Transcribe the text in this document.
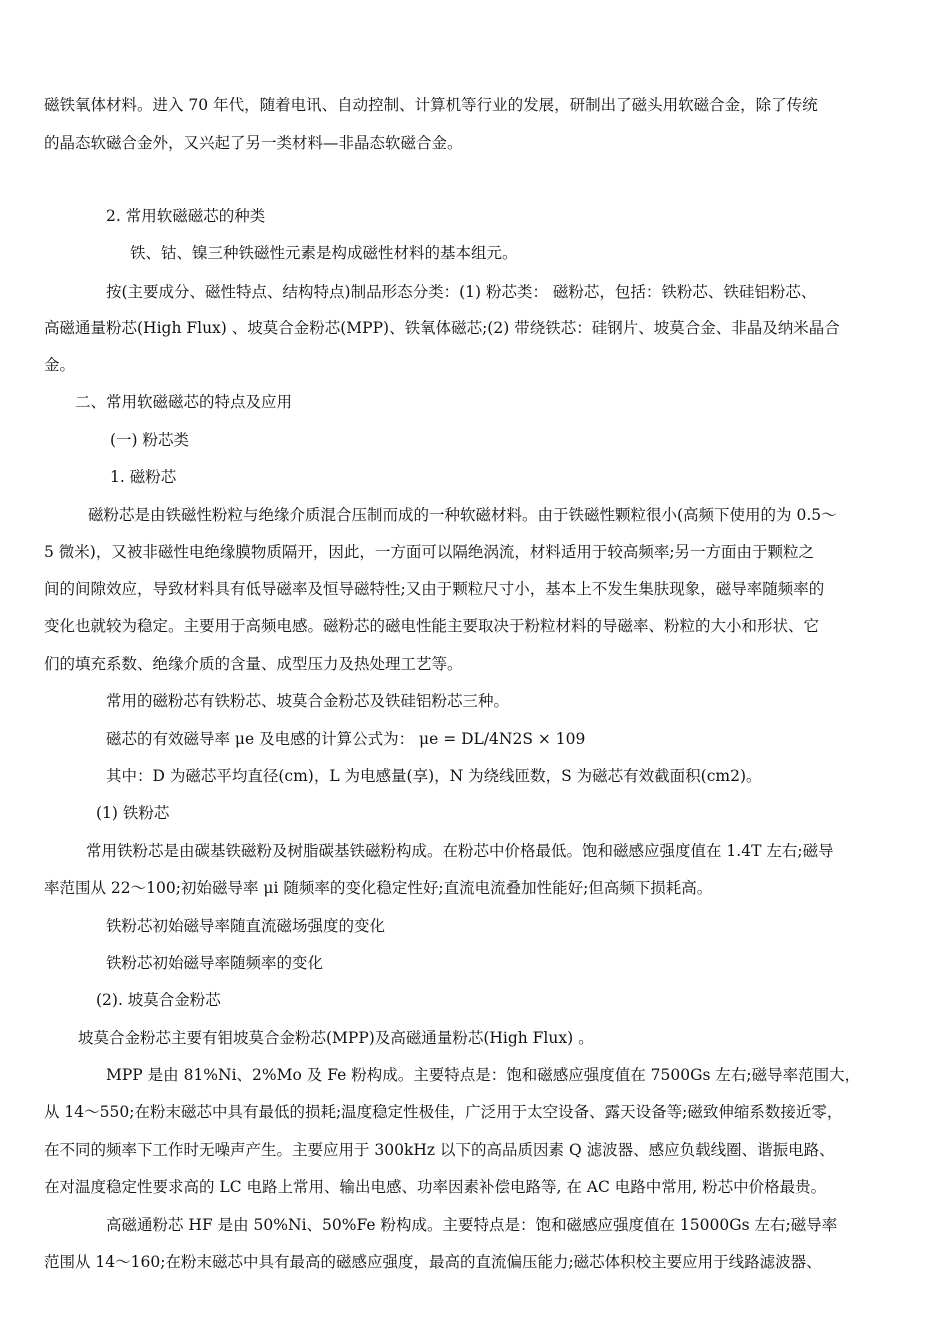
磁铁氧体材料。进入 70 年代，随着电讯、自动控制、计算机等行业的发展，研制出了磁头用软磁合金，除了传统
的晶态软磁合金外，又兴起了另一类材料—非晶态软磁合金。
2. 常用软磁磁芯的种类
铁、钴、镍三种铁磁性元素是构成磁性材料的基本组元。
按(主要成分、磁性特点、结构特点)制品形态分类：(1) 粉芯类： 磁粉芯，包括：铁粉芯、铁硅铝粉芯、
高磁通量粉芯(High Flux) 、坡莫合金粉芯(MPP)、铁氧体磁芯;(2) 带绕铁芯：硅钢片、坡莫合金、非晶及纳米晶合
金。
二、常用软磁磁芯的特点及应用
(一) 粉芯类
1. 磁粉芯
磁粉芯是由铁磁性粉粒与绝缘介质混合压制而成的一种软磁材料。由于铁磁性颗粒很小(高频下使用的为 0.5～
5 微米)，又被非磁性电绝缘膜物质隔开，因此，一方面可以隔绝涡流，材料适用于较高频率;另一方面由于颗粒之
间的间隙效应，导致材料具有低导磁率及恒导磁特性;又由于颗粒尺寸小，基本上不发生集肤现象，磁导率随频率的
变化也就较为稳定。主要用于高频电感。磁粉芯的磁电性能主要取决于粉粒材料的导磁率、粉粒的大小和形状、它
们的填充系数、绝缘介质的含量、成型压力及热处理工艺等。
常用的磁粉芯有铁粉芯、坡莫合金粉芯及铁硅铝粉芯三种。
磁芯的有效磁导率 μe 及电感的计算公式为： μe = DL/4N2S × 109
其中：D 为磁芯平均直径(cm)，L 为电感量(享)，N 为绕线匝数，S 为磁芯有效截面积(cm2)。
(1) 铁粉芯
常用铁粉芯是由碳基铁磁粉及树脂碳基铁磁粉构成。在粉芯中价格最低。饱和磁感应强度值在 1.4T 左右;磁导
率范围从 22～100;初始磁导率 μi 随频率的变化稳定性好;直流电流叠加性能好;但高频下损耗高。
铁粉芯初始磁导率随直流磁场强度的变化
铁粉芯初始磁导率随频率的变化
(2). 坡莫合金粉芯
坡莫合金粉芯主要有钼坡莫合金粉芯(MPP)及高磁通量粉芯(High Flux) 。
MPP 是由 81%Ni、2%Mo 及 Fe 粉构成。主要特点是：饱和磁感应强度值在 7500Gs 左右;磁导率范围大，
从 14～550;在粉末磁芯中具有最低的损耗;温度稳定性极佳，广泛用于太空设备、露天设备等;磁致伸缩系数接近零，
在不同的频率下工作时无噪声产生。主要应用于 300kHz 以下的高品质因素 Q 滤波器、感应负载线圈、谐振电路、
在对温度稳定性要求高的 LC 电路上常用、输出电感、功率因素补偿电路等, 在 AC 电路中常用, 粉芯中价格最贵。
高磁通粉芯 HF 是由 50%Ni、50%Fe 粉构成。主要特点是：饱和磁感应强度值在 15000Gs 左右;磁导率
范围从 14～160;在粉末磁芯中具有最高的磁感应强度，最高的直流偏压能力;磁芯体积校主要应用于线路滤波器、
